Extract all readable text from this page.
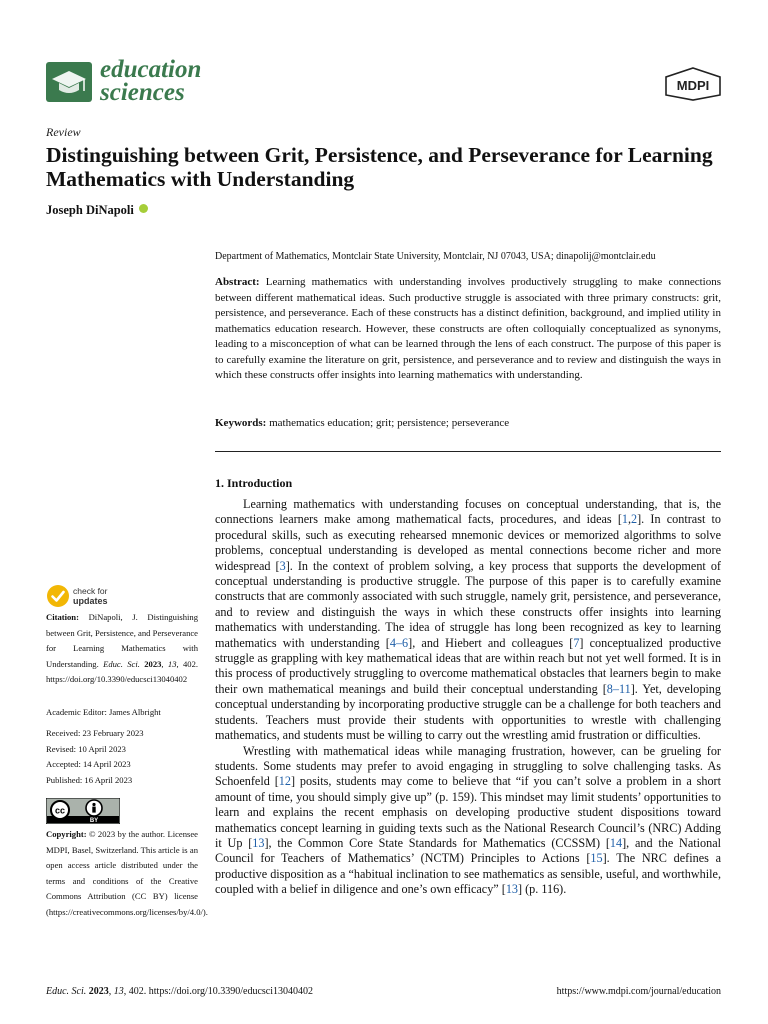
education
sciences	MDPI
Review
Distinguishing between Grit, Persistence, and Perseverance for Learning Mathematics with Understanding
Joseph DiNapoli
Department of Mathematics, Montclair State University, Montclair, NJ 07043, USA; dinapolij@montclair.edu
Abstract: Learning mathematics with understanding involves productively struggling to make connections between different mathematical ideas. Such productive struggle is associated with three primary constructs: grit, persistence, and perseverance. Each of these constructs has a distinct definition, background, and implied utility in mathematics education research. However, these constructs are often colloquially conceptualized as synonyms, leading to a misconception of what can be learned through the lens of each construct. The purpose of this paper is to carefully examine the literature on grit, persistence, and perseverance and to review and distinguish the ways in which these constructs offer insights into learning mathematics with understanding.
Keywords: mathematics education; grit; persistence; perseverance
1. Introduction

Learning mathematics with understanding focuses on conceptual understanding, that is, the connections learners make among mathematical facts, procedures, and ideas [1,2]. In contrast to procedural skills, such as executing rehearsed mnemonic devices or memorized algorithms to solve problems, conceptual understanding is developed as mental connections become richer and more widespread [3]. In the context of problem solving, a key process that supports the development of conceptual understanding is productive struggle. The purpose of this paper is to carefully examine constructs that are commonly associated with such struggle, namely grit, persistence, and perseverance, and to review and distinguish the ways in which these constructs offer insights into learning mathematics with understanding. The idea of struggle has long been recognized as key to learning mathematics with understanding [4–6], and Hiebert and colleagues [7] conceptualized productive struggle as grappling with key mathematical ideas that are within reach but not yet well formed. It is in this process of productively struggling to overcome mathematical obstacles that learners begin to make their own mathematical meanings and build their conceptual understanding [8–11]. Yet, developing conceptual understanding by incorporating productive struggle can be a challenge for both teachers and students. Teachers must provide their students with opportunities to wrestle with challenging mathematics, and students must be willing to carry out the wrestling amid frustration or difficulties.

Wrestling with mathematical ideas while managing frustration, however, can be grueling for students. Some students may prefer to avoid engaging in struggling to solve challenging tasks. As Schoenfeld [12] posits, students may come to believe that “if you can’t solve a problem in a short amount of time, you should simply give up” (p. 159). This mindset may limit students’ opportunities to learn and explains the recent emphasis on developing productive student dispositions toward mathematics concept learning in guiding texts such as the National Research Council’s (NRC) Adding it Up [13], the Common Core State Standards for Mathematics (CCSSM) [14], and the National Council for Teachers of Mathematics’ (NCTM) Principles to Actions [15]. The NRC defines a productive disposition as a “habitual inclination to see mathematics as sensible, useful, and worthwhile, coupled with a belief in diligence and one’s own efficacy” [13] (p. 116).

check for
updates
Citation: DiNapoli, J. Distinguishing between Grit, Persistence, and Perseverance for Learning Mathematics with Understanding. Educ. Sci. 2023, 13, 402. https://doi.org/10.3390/educsci13040402
Academic Editor: James Albright
Received: 23 February 2023
Revised: 10 April 2023
Accepted: 14 April 2023
Published: 16 April 2023
cc
BY
Copyright: © 2023 by the author. Licensee MDPI, Basel, Switzerland. This article is an open access article distributed under the terms and conditions of the Creative Commons Attribution (CC BY) license (https://creativecommons.org/licenses/by/4.0/).
Educ. Sci. 2023, 13, 402. https://doi.org/10.3390/educsci13040402	https://www.mdpi.com/journal/education
